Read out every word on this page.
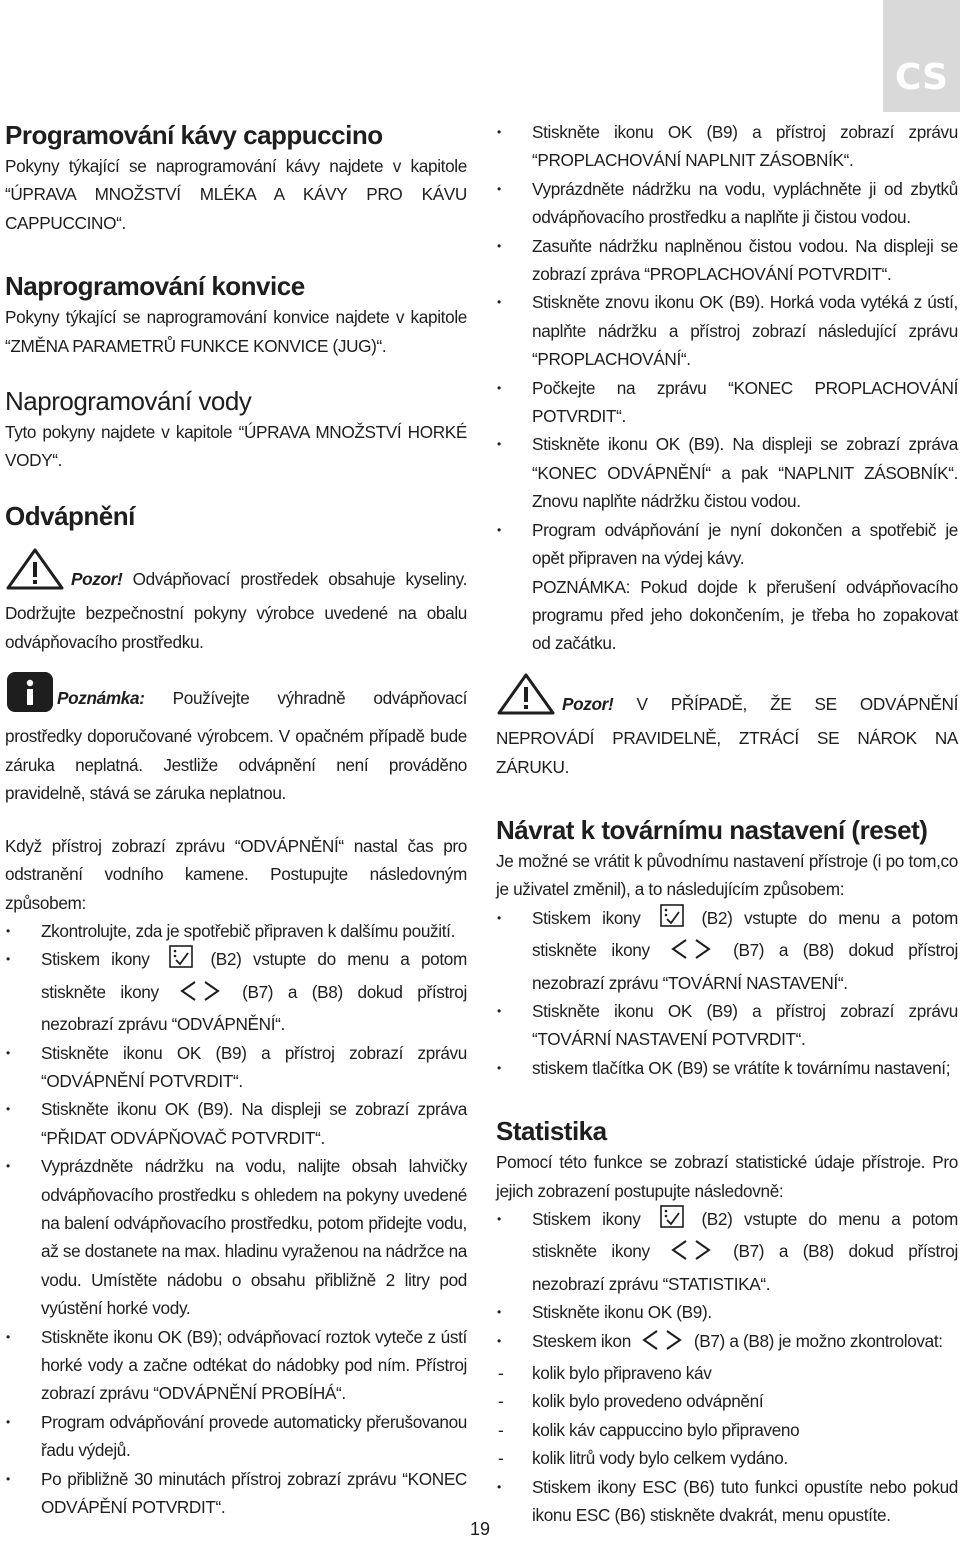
CS
Programování kávy cappuccino

Pokyny týkající se naprogramování kávy najdete v kapitole “ÚPRAVA MNOŽSTVÍ MLÉKA A KÁVY PRO KÁVU CAPPUCCINO“.

Naprogramování konvice

Pokyny týkající se naprogramování konvice najdete v kapitole “ZMĚNA PARAMETRŮ FUNKCE KONVICE (JUG)“.

Naprogramování vody

Tyto pokyny najdete v kapitole “ÚPRAVA MNOŽSTVÍ HORKÉ VODY“.

Odvápnění

Pozor! Odvápňovací prostředek obsahuje kyseliny. Dodržujte bezpečnostní pokyny výrobce uvedené na obalu odvápňovacího prostředku.

Poznámka: Používejte výhradně odvápňovací prostředky doporučované výrobcem. V opačném případě bude záruka neplatná. Jestliže odvápnění není prováděno pravidelně, stává se záruka neplatnou.

Když přístroj zobrazí zprávu “ODVÁPNĚNÍ“ nastal čas pro odstranění vodního kamene. Postupujte následovným způsobem:

• Zkontrolujte, zda je spotřebič připraven k dalšímu použití.
• Stiskem ikony	(B2) vstupte do menu a potom stiskněte ikony	(B7) a (B8) dokud přístroj nezobrazí zprávu “ODVÁPNĚNÍ“.
• Stiskněte ikonu OK (B9) a přístroj zobrazí zprávu “ODVÁPNĚNÍ POTVRDIT“.
• Stiskněte ikonu OK (B9). Na displeji se zobrazí zpráva “PŘIDAT ODVÁPŇOVAČ POTVRDIT“.
• Vyprázdněte nádržku na vodu, nalijte obsah lahvičky odvápňovacího prostředku s ohledem na pokyny uvedené na balení odvápňovacího prostředku, potom přidejte vodu, až se dostanete na max. hladinu vyraženou na nádržce na vodu. Umístěte nádobu o obsahu přibližně 2 litry pod vyústění horké vody.
• Stiskněte ikonu OK (B9); odvápňovací roztok vyteče z ústí horké vody a začne odtékat do nádobky pod ním. Přístroj zobrazí zprávu “ODVÁPNĚNÍ PROBÍHÁ“.
• Program odvápňování provede automaticky přerušovanou řadu výdejů.
• Po přibližně 30 minutách přístroj zobrazí zprávu “KONEC ODVÁPĚNÍ POTVRDIT“.
• Stiskněte ikonu OK (B9) a přístroj zobrazí zprávu “PROPLACHOVÁNÍ NAPLNIT ZÁSOBNÍK“.
• Vyprázdněte nádržku na vodu, vypláchněte ji od zbytků odvápňovacího prostředku a naplňte ji čistou vodou.
• Zasuňte nádržku naplněnou čistou vodou. Na displeji se zobrazí zpráva “PROPLACHOVÁNÍ POTVRDIT“.
• Stiskněte znovu ikonu OK (B9). Horká voda vytéká z ústí, naplňte nádržku a přístroj zobrazí následující zprávu “PROPLACHOVÁNÍ“.
• Počkejte na zprávu “KONEC PROPLACHOVÁNÍ POTVRDIT“.
• Stiskněte ikonu OK (B9). Na displeji se zobrazí zpráva “KONEC ODVÁPNĚNÍ“ a pak “NAPLNIT ZÁSOBNÍK“. Znovu naplňte nádržku čistou vodou.
• Program odvápňování je nyní dokončen a spotřebič je opět připraven na výdej kávy.
POZNÁMKA: Pokud dojde k přerušení odvápňovacího programu před jeho dokončením, je třeba ho zopakovat od začátku.

Pozor! V PŘÍPADĚ, ŽE SE ODVÁPNĚNÍ NEPROVÁDÍ PRAVIDELNĚ, ZTRÁCÍ SE NÁROK NA ZÁRUKU.

Návrat k továrnímu nastavení (reset)

Je možné se vrátit k původnímu nastavení přístroje (i po tom,co je uživatel změnil), a to následujícím způsobem:

• Stiskem ikony	(B2) vstupte do menu a potom stiskněte ikony	(B7) a (B8) dokud přístroj nezobrazí zprávu “TOVÁRNÍ NASTAVENÍ“.
• Stiskněte ikonu OK (B9) a přístroj zobrazí zprávu “TOVÁRNÍ NASTAVENÍ POTVRDIT“.
• stiskem tlačítka OK (B9) se vrátíte k továrnímu nastavení;
Statistika

Pomocí této funkce se zobrazí statistické údaje přístroje. Pro jejich zobrazení postupujte následovně:

• Stiskem ikony	(B2) vstupte do menu a potom stiskněte ikony	(B7) a (B8) dokud přístroj nezobrazí zprávu “STATISTIKA“.
• Stiskněte ikonu OK (B9).
• Steskem ikon	(B7) a (B8) je možno zkontrolovat:
- kolik bylo připraveno káv
- kolik bylo provedeno odvápnění
- kolik káv cappuccino bylo připraveno
- kolik litrů vody bylo celkem vydáno.
• Stiskem ikony ESC (B6) tuto funkci opustíte nebo pokud ikonu ESC (B6) stiskněte dvakrát, menu opustíte.
19
